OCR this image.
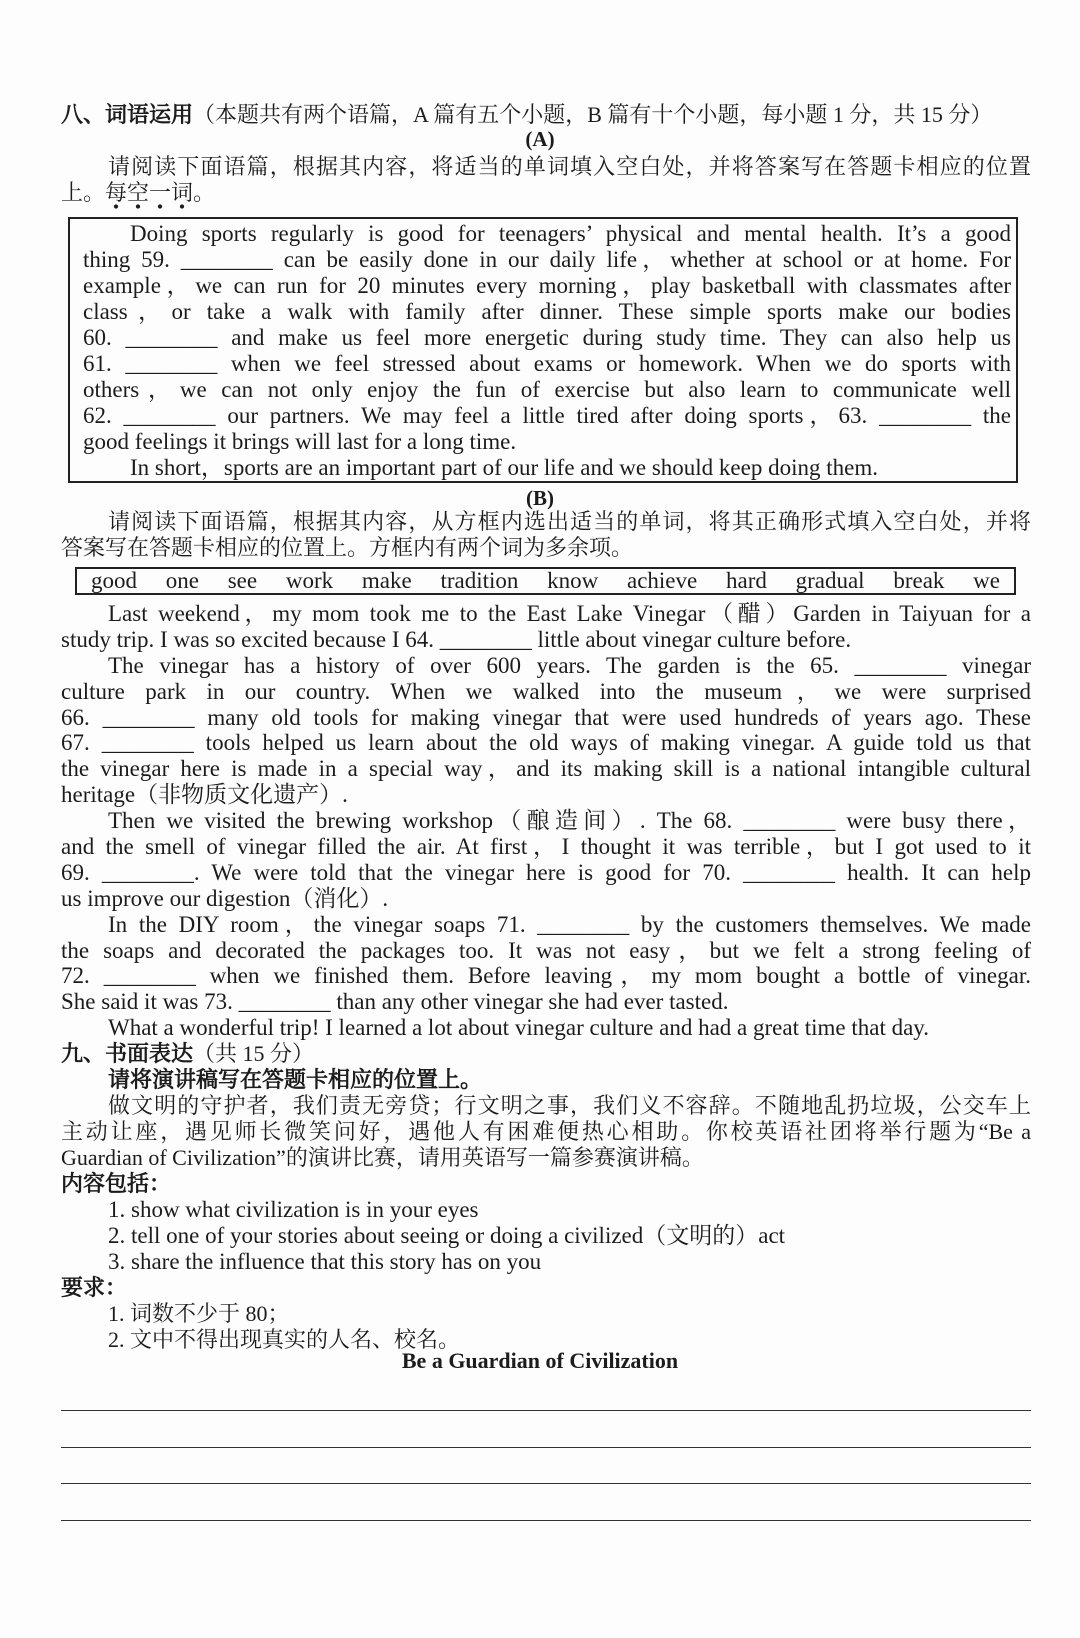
八、词语运用（本题共有两个语篇，A 篇有五个小题，B 篇有十个小题，每小题 1 分，共 15 分）
(A)
请阅读下面语篇，根据其内容，将适当的单词填入空白处，并将答案写在答题卡相应的位置
上。每空一词。
Doing sports regularly is good for teenagers’ physical and mental health. It’s a good
thing 59. ________ can be easily done in our daily life，whether at school or at home. For
example，we can run for 20 minutes every morning，play basketball with classmates after
class，or take a walk with family after dinner. These simple sports make our bodies
60. ________ and make us feel more energetic during study time. They can also help us
61. ________ when we feel stressed about exams or homework. When we do sports with
others，we can not only enjoy the fun of exercise but also learn to communicate well
62. ________ our partners. We may feel a little tired after doing sports，63. ________ the
good feelings it brings will last for a long time.
In short，sports are an important part of our life and we should keep doing them.
(B)
请阅读下面语篇，根据其内容，从方框内选出适当的单词，将其正确形式填入空白处，并将
答案写在答题卡相应的位置上。方框内有两个词为多余项。
good one see work make tradition know achieve hard gradual break we
Last weekend，my mom took me to the East Lake Vinegar（醋）Garden in Taiyuan for a
study trip. I was so excited because I 64. ________ little about vinegar culture before.
The vinegar has a history of over 600 years. The garden is the 65. ________ vinegar
culture park in our country. When we walked into the museum，we were surprised
66. ________ many old tools for making vinegar that were used hundreds of years ago. These
67. ________ tools helped us learn about the old ways of making vinegar. A guide told us that
the vinegar here is made in a special way，and its making skill is a national intangible cultural
heritage（非物质文化遗产）.
Then we visited the brewing workshop（酿造间）. The 68. ________ were busy there，
and the smell of vinegar filled the air. At first，I thought it was terrible，but I got used to it
69. ________. We were told that the vinegar here is good for 70. ________ health. It can help
us improve our digestion（消化）.
In the DIY room，the vinegar soaps 71. ________ by the customers themselves. We made
the soaps and decorated the packages too. It was not easy，but we felt a strong feeling of
72. ________ when we finished them. Before leaving，my mom bought a bottle of vinegar.
She said it was 73. ________ than any other vinegar she had ever tasted.
What a wonderful trip! I learned a lot about vinegar culture and had a great time that day.
九、书面表达（共 15 分）
请将演讲稿写在答题卡相应的位置上。
做文明的守护者，我们责无旁贷；行文明之事，我们义不容辞。不随地乱扔垃圾，公交车上
主动让座，遇见师长微笑问好，遇他人有困难便热心相助。你校英语社团将举行题为“Be a
Guardian of Civilization”的演讲比赛，请用英语写一篇参赛演讲稿。
内容包括：
1. show what civilization is in your eyes
2. tell one of your stories about seeing or doing a civilized（文明的）act
3. share the influence that this story has on you
要求：
1. 词数不少于 80；
2. 文中不得出现真实的人名、校名。
Be a Guardian of Civilization
